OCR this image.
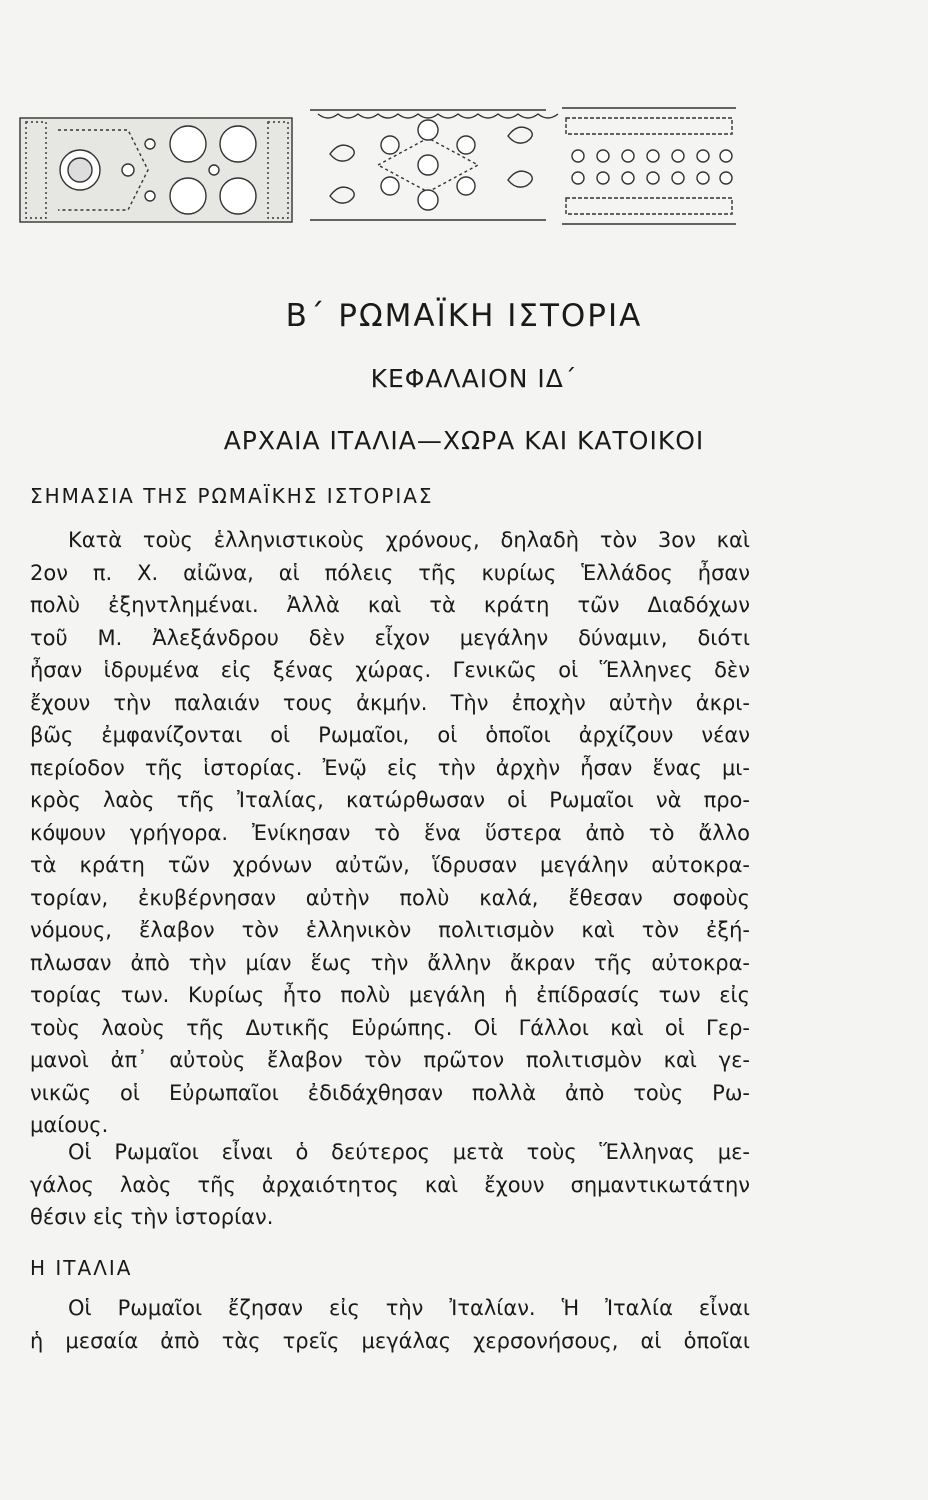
Β΄ ΡΩΜΑΪΚΗ ΙΣΤΟΡΙΑ
ΚΕΦΑΛΑΙΟΝ ΙΔ΄
ΑΡΧΑΙΑ ΙΤΑΛΙΑ—ΧΩΡΑ ΚΑΙ ΚΑΤΟΙΚΟΙ
ΣΗΜΑΣΙΑ ΤΗΣ ΡΩΜΑΪΚΗΣ ΙΣΤΟΡΙΑΣ
Κατὰ τοὺς ἑλληνιστικοὺς χρόνους, δηλαδὴ τὸν 3ον καὶ
2ον π. Χ. αἰῶνα, αἱ πόλεις τῆς κυρίως Ἑλλάδος ἦσαν
πολὺ ἐξηντλημέναι. Ἀλλὰ καὶ τὰ κράτη τῶν Διαδόχων
τοῦ Μ. Ἀλεξάνδρου δὲν εἶχον μεγάλην δύναμιν, διότι
ἦσαν ἱδρυμένα εἰς ξένας χώρας. Γενικῶς οἱ Ἕλληνες δὲν
ἔχουν τὴν παλαιάν τους ἀκμήν. Τὴν ἐποχὴν αὐτὴν ἀκρι-
βῶς ἐμφανίζονται οἱ Ρωμαῖοι, οἱ ὁποῖοι ἀρχίζουν νέαν
περίοδον τῆς ἱστορίας. Ἐνῷ εἰς τὴν ἀρχὴν ἦσαν ἕνας μι-
κρὸς λαὸς τῆς Ἰταλίας, κατώρθωσαν οἱ Ρωμαῖοι νὰ προ-
κόψουν γρήγορα. Ἐνίκησαν τὸ ἕνα ὕστερα ἀπὸ τὸ ἄλλο
τὰ κράτη τῶν χρόνων αὐτῶν, ἵδρυσαν μεγάλην αὐτοκρα-
τορίαν, ἐκυβέρνησαν αὐτὴν πολὺ καλά, ἔθεσαν σοφοὺς
νόμους, ἔλαβον τὸν ἑλληνικὸν πολιτισμὸν καὶ τὸν ἐξή-
πλωσαν ἀπὸ τὴν μίαν ἕως τὴν ἄλλην ἄκραν τῆς αὐτοκρα-
τορίας των. Κυρίως ἦτο πολὺ μεγάλη ἡ ἐπίδρασίς των εἰς
τοὺς λαοὺς τῆς Δυτικῆς Εὐρώπης. Οἱ Γάλλοι καὶ οἱ Γερ-
μανοὶ ἀπ᾿ αὐτοὺς ἔλαβον τὸν πρῶτον πολιτισμὸν καὶ γε-
νικῶς οἱ Εὐρωπαῖοι ἐδιδάχθησαν πολλὰ ἀπὸ τοὺς Ρω-
μαίους.
Οἱ Ρωμαῖοι εἶναι ὁ δεύτερος μετὰ τοὺς Ἕλληνας με-
γάλος λαὸς τῆς ἀρχαιότητος καὶ ἔχουν σημαντικωτάτην
θέσιν εἰς τὴν ἱστορίαν.
Η ΙΤΑΛΙΑ
Οἱ Ρωμαῖοι ἔζησαν εἰς τὴν Ἰταλίαν. Ἡ Ἰταλία εἶναι
ἡ μεσαία ἀπὸ τὰς τρεῖς μεγάλας χερσονήσους, αἱ ὁποῖαι
